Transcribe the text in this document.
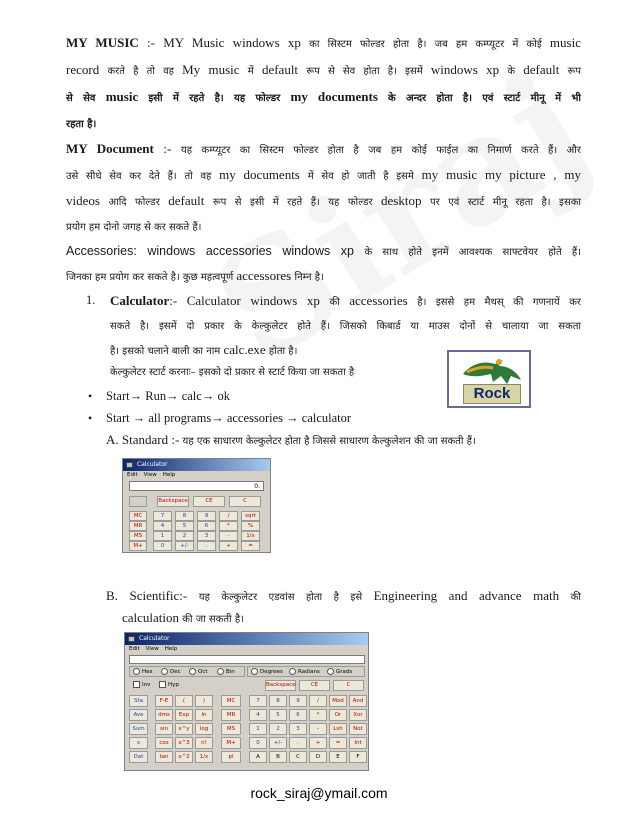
MY MUSIC :- MY Music windows xp का सिस्टम फोल्डर होता है। जब हम कम्प्यूटर में कोई music
record करते है तो वह My music में default रूप से सेव होता है। इसमें windows xp के default रूप
से सेव music इसी में रहते है। यह फोल्डर my documents के अन्दर होता है। एवं स्टार्ट मीनू में भी
रहता है।
MY Document :- यह कम्प्यूटर का सिस्टम फोल्डर होता है जब हम कोई फाईल का निमार्ण करते हैं। और
उसे सीधे सेव कर देते हैं। तो वह my documents में सेव हो जाती है इसमे my music my picture , my
videos आदि फोल्डर default रूप से इसी में रहते हैं। यह फोल्डर desktop पर एवं स्टार्ट मीनू रहता है। इसका
प्रयोग हम दोनो जगह से कर सकते हैं।
Accessories: windows accessories windows xp के साथ होते इनमें आवश्यक साफ्टवेयर होते हैं।
जिनका हम प्रयोग कर सकते है। कुछ महत्वपूर्ण accessores निम्न है।
1. Calculator:- Calculator windows xp की accessories है। इससे हम मैथस् की गणनायें कर
सकते है। इसमें दो प्रकार के केल्कुलेटर होते हैं। जिसको किबार्ड या माउस दोनों से चालाया जा सकता
है। इसको चलाने बाली का नाम calc.exe होता है।
केल्कुलेटर स्टार्ट करनाः– इसको दो प्रकार से स्टार्ट किया जा सकता है
Rock
• Start→ Run→ calc→ ok
• Start → all programs→ accessories → calculator
A. Standard :- यह एक साधारण केल्कुलेटर होता है जिससे साधारण केल्कुलेशन की जा सकती हैं।
Calculator
Edit View Help
0.
Backspace	CE	C
MC	7	8	9	/	sqrt
MR	4	5	6	*	%
MS	1	2	3	-	1/x
M+	0	+/-	.	+	=
B. Scientific:- यह केल्कुलेटर एडवांस होता है इसे Engineering and advance math की
calculation की जा सकती है।
Calculator
Edit View Help
Hex	Dec	Oct	Bin	Degrees	Radians	Grads
Inv	Hyp	Backspace	CE	C
Sta
Ave
Sum
s
Dat
F-E	(	)
dms	Exp	ln
sin	x^y	log
cos	x^3	n!
tan	x^2	1/x
MC
MR
MS
M+
pi
7	8	9	/	Mod	And
4	5	6	*	Or	Xor
1	2	3	-	Lsh	Not
0	+/-	.	+	=	Int
A	B	C	D	E	F
rock_siraj@ymail.com
